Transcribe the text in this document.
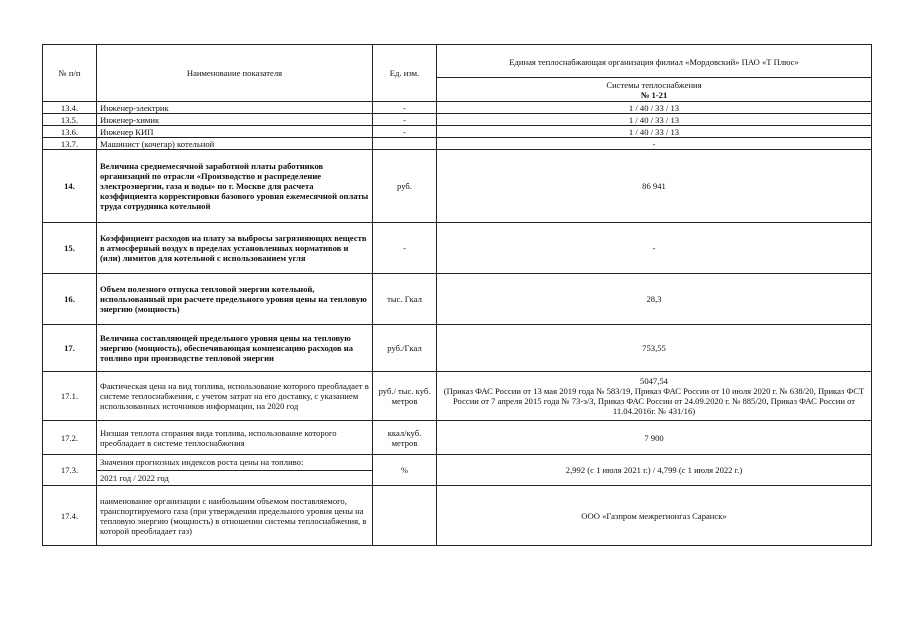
№ п/п	Наименование показателя	Ед. изм.	Единая теплоснабжающая организация филиал «Мордовский» ПАО «Т Плюс»
Системы теплоснабжения
№ 1-21

13.4.	Инженер-электрик	-	1 / 40 / 33 / 13
13.5.	Инженер-химик	-	1 / 40 / 33 / 13
13.6.	Инженер КИП	-	1 / 40 / 33 / 13
13.7.	Машинист (кочегар) котельной		-
14.	Величина среднемесячной заработной платы работников организаций по отрасли «Производство и распределение электроэнергии, газа и воды» по г. Москве для расчета коэффициента корректировки базового уровня ежемесячной оплаты труда сотрудника котельной	руб.	86 941
15.	Коэффициент расходов на плату за выбросы загрязняющих веществ в атмосферный воздух в пределах установленных нормативов и (или) лимитов для котельной с использованием угля	-	-
16.	Объем полезного отпуска тепловой энергии котельной, использованный при расчете предельного уровня цены на тепловую энергию (мощность)	тыс. Гкал	28,3
17.	Величина составляющей предельного уровня цены на тепловую энергию (мощность), обеспечивающая компенсацию расходов на топливо при производстве тепловой энергии	руб./Гкал	753,55
17.1.	Фактическая цена на вид топлива, использование которого преобладает в системе теплоснабжения, с учетом затрат на его доставку, с указанием использованных источников информации, на 2020 год	руб./ тыс. куб. метров	5047,54
(Приказ ФАС России от 13 мая 2019 года № 583/19, Приказ ФАС России от 10 июля 2020 г. № 638/20, Приказ ФСТ России от 7 апреля 2015 года № 73-э/3, Приказ ФАС России от 24.09.2020 г. № 885/20, Приказ ФАС России от 11.04.2016г. № 431/16)

17.2.	Низшая теплота сгорания вида топлива, использование которого преобладает в системе теплоснабжения	ккал/куб. метров	7 900
17.3.	Значения прогнозных индексов роста цены на топливо:
2021 год / 2022 год	%	2,992 (с 1 июля 2021 г.) / 4,799 (с 1 июля 2022 г.)
17.4.	наименование организации с наибольшим объемом поставляемого, транспортируемого газа (при утверждении предельного уровня цены на тепловую энергию (мощность) в отношении системы теплоснабжения, в которой преобладает газ)		ООО «Газпром межрегионгаз Саранск»
